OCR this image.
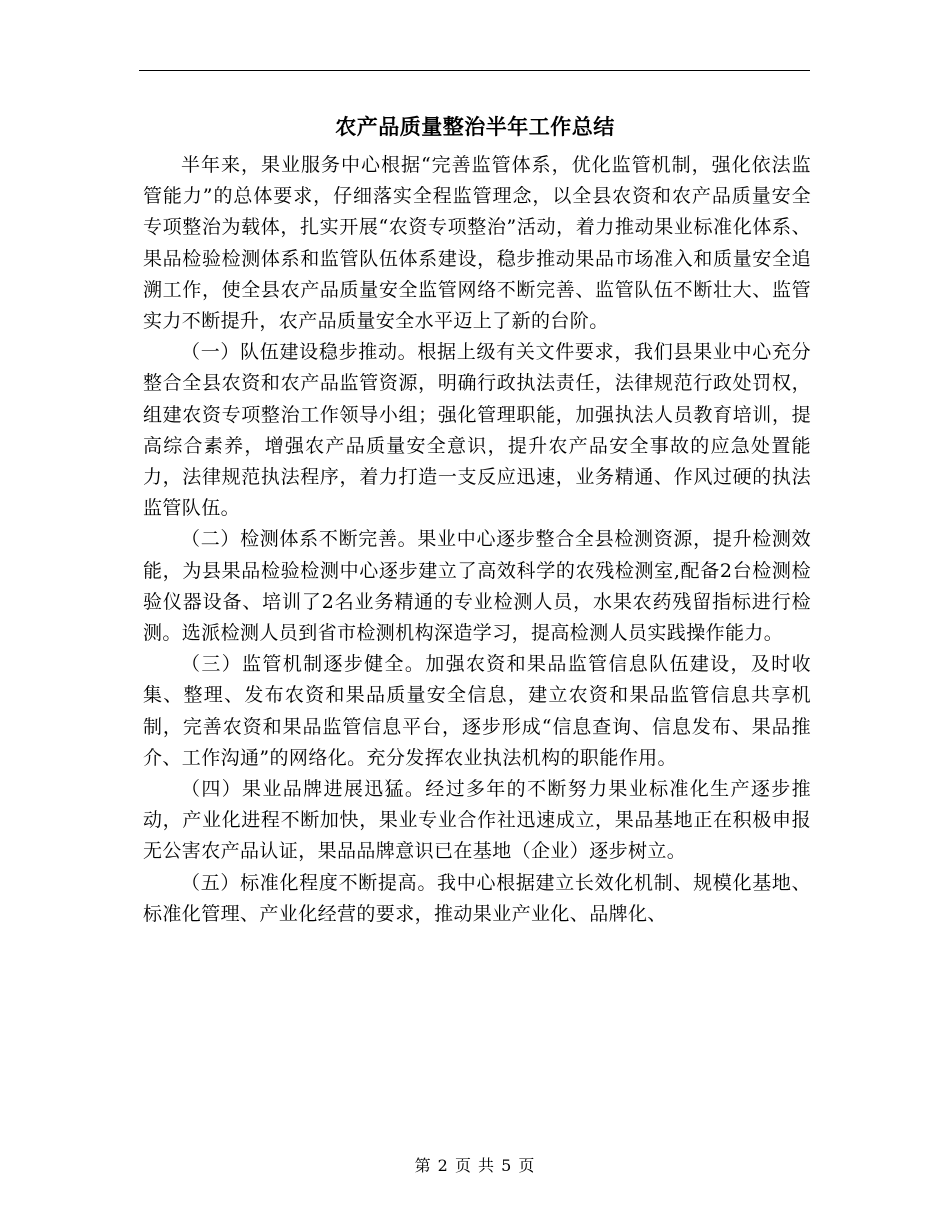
农产品质量整治半年工作总结

半年来，果业服务中心根据“完善监管体系，优化监管机制，强化依法监管能力”的总体要求，仔细落实全程监管理念，以全县农资和农产品质量安全专项整治为载体，扎实开展“农资专项整治”活动，着力推动果业标准化体系、果品检验检测体系和监管队伍体系建设，稳步推动果品市场准入和质量安全追溯工作，使全县农产品质量安全监管网络不断完善、监管队伍不断壮大、监管实力不断提升，农产品质量安全水平迈上了新的台阶。

（一）队伍建设稳步推动。根据上级有关文件要求，我们县果业中心充分整合全县农资和农产品监管资源，明确行政执法责任，法律规范行政处罚权，组建农资专项整治工作领导小组；强化管理职能，加强执法人员教育培训，提高综合素养，增强农产品质量安全意识，提升农产品安全事故的应急处置能力，法律规范执法程序，着力打造一支反应迅速，业务精通、作风过硬的执法监管队伍。

（二）检测体系不断完善。果业中心逐步整合全县检测资源，提升检测效能，为县果品检验检测中心逐步建立了高效科学的农残检测室,配备2台检测检验仪器设备、培训了2名业务精通的专业检测人员，水果农药残留指标进行检测。选派检测人员到省市检测机构深造学习，提高检测人员实践操作能力。

（三）监管机制逐步健全。加强农资和果品监管信息队伍建设，及时收集、整理、发布农资和果品质量安全信息，建立农资和果品监管信息共享机制，完善农资和果品监管信息平台，逐步形成“信息查询、信息发布、果品推介、工作沟通”的网络化。充分发挥农业执法机构的职能作用。

（四）果业品牌进展迅猛。经过多年的不断努力果业标准化生产逐步推动，产业化进程不断加快，果业专业合作社迅速成立，果品基地正在积极申报无公害农产品认证，果品品牌意识已在基地（企业）逐步树立。

（五）标准化程度不断提高。我中心根据建立长效化机制、规模化基地、标准化管理、产业化经营的要求，推动果业产业化、品牌化、

第 2 页 共 5 页
